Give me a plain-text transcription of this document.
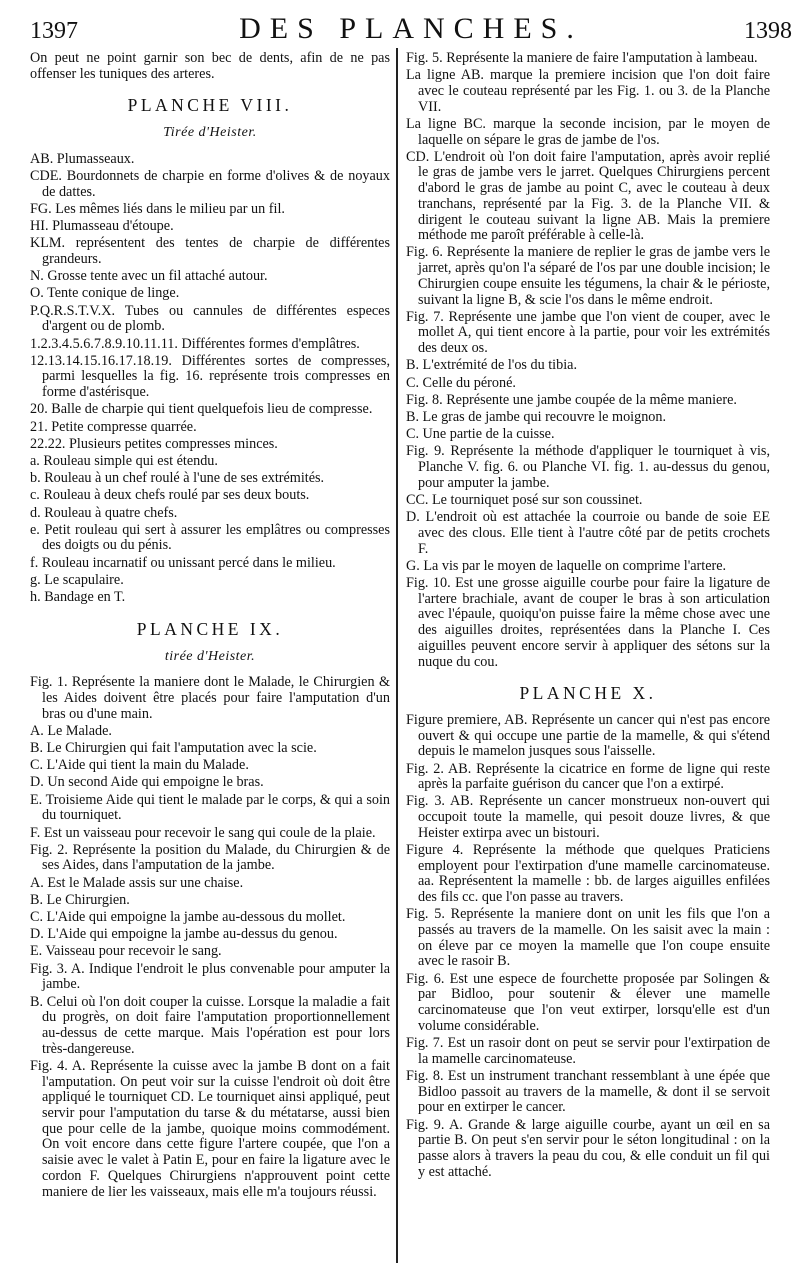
1397	DES PLANCHES.	1398
On peut ne point garnir son bec de dents, afin de ne pas offenser les tuniques des arteres.
PLANCHE VIII.
Tirée d'Heister.
AB. Plumasseaux.
CDE. Bourdonnets de charpie en forme d'olives & de noyaux de dattes.
FG. Les mêmes liés dans le milieu par un fil.
HI. Plumasseau d'étoupe.
KLM. représentent des tentes de charpie de différentes grandeurs.
N. Grosse tente avec un fil attaché autour.
O. Tente conique de linge.
P.Q.R.S.T.V.X. Tubes ou cannules de différentes especes d'argent ou de plomb.
1.2.3.4.5.6.7.8.9.10.11.11. Différentes formes d'emplâtres.
12.13.14.15.16.17.18.19. Différentes sortes de compresses, parmi lesquelles la fig. 16. représente trois compresses en forme d'astérisque.
20. Balle de charpie qui tient quelquefois lieu de compresse.
21. Petite compresse quarrée.
22.22. Plusieurs petites compresses minces.
a. Rouleau simple qui est étendu.
b. Rouleau à un chef roulé à l'une de ses extrémités.
c. Rouleau à deux chefs roulé par ses deux bouts.
d. Rouleau à quatre chefs.
e. Petit rouleau qui sert à assurer les emplâtres ou compresses des doigts ou du pénis.
f. Rouleau incarnatif ou unissant percé dans le milieu.
g. Le scapulaire.
h. Bandage en T.
PLANCHE IX.
tirée d'Heister.
Fig. 1. Représente la maniere dont le Malade, le Chirurgien & les Aides doivent être placés pour faire l'amputation d'un bras ou d'une main.
A. Le Malade.
B. Le Chirurgien qui fait l'amputation avec la scie.
C. L'Aide qui tient la main du Malade.
D. Un second Aide qui empoigne le bras.
E. Troisieme Aide qui tient le malade par le corps, & qui a soin du tourniquet.
F. Est un vaisseau pour recevoir le sang qui coule de la plaie.
Fig. 2. Représente la position du Malade, du Chirurgien & de ses Aides, dans l'amputation de la jambe.
A. Est le Malade assis sur une chaise.
B. Le Chirurgien.
C. L'Aide qui empoigne la jambe au-dessous du mollet.
D. L'Aide qui empoigne la jambe au-dessus du genou.
E. Vaisseau pour recevoir le sang.
Fig. 3. A. Indique l'endroit le plus convenable pour amputer la jambe.
B. Celui où l'on doit couper la cuisse. Lorsque la maladie a fait du progrès, on doit faire l'amputation proportionnellement au-dessus de cette marque. Mais l'opération est pour lors très-dangereuse.
Fig. 4. A. Représente la cuisse avec la jambe B dont on a fait l'amputation. On peut voir sur la cuisse l'endroit où doit être appliqué le tourniquet CD. Le tourniquet ainsi appliqué, peut servir pour l'amputation du tarse & du métatarse, aussi bien que pour celle de la jambe, quoique moins commodément. On voit encore dans cette figure l'artere coupée, que l'on a saisie avec le valet à Patin E, pour en faire la ligature avec le cordon F. Quelques Chirurgiens n'approuvent point cette maniere de lier les vaisseaux, mais elle m'a toujours réussi.
Fig. 5. Représente la maniere de faire l'amputation à lambeau.
La ligne AB. marque la premiere incision que l'on doit faire avec le couteau représenté par les Fig. 1. ou 3. de la Planche VII.
La ligne BC. marque la seconde incision, par le moyen de laquelle on sépare le gras de jambe de l'os.
CD. L'endroit où l'on doit faire l'amputation, après avoir replié le gras de jambe vers le jarret. Quelques Chirurgiens percent d'abord le gras de jambe au point C, avec le couteau à deux tranchans, représenté par la Fig. 3. de la Planche VII. & dirigent le couteau suivant la ligne AB. Mais la premiere méthode me paroît préférable à celle-là.
Fig. 6. Représente la maniere de replier le gras de jambe vers le jarret, après qu'on l'a séparé de l'os par une double incision; le Chirurgien coupe ensuite les tégumens, la chair & le périoste, suivant la ligne B, & scie l'os dans le même endroit.
Fig. 7. Représente une jambe que l'on vient de couper, avec le mollet A, qui tient encore à la partie, pour voir les extrémités des deux os.
B. L'extrémité de l'os du tibia.
C. Celle du péroné.
Fig. 8. Représente une jambe coupée de la même maniere.
B. Le gras de jambe qui recouvre le moignon.
C. Une partie de la cuisse.
Fig. 9. Représente la méthode d'appliquer le tourniquet à vis, Planche V. fig. 6. ou Planche VI. fig. 1. au-dessus du genou, pour amputer la jambe.
CC. Le tourniquet posé sur son coussinet.
D. L'endroit où est attachée la courroie ou bande de soie EE avec des clous. Elle tient à l'autre côté par de petits crochets F.
G. La vis par le moyen de laquelle on comprime l'artere.
Fig. 10. Est une grosse aiguille courbe pour faire la ligature de l'artere brachiale, avant de couper le bras à son articulation avec l'épaule, quoiqu'on puisse faire la même chose avec une des aiguilles droites, représentées dans la Planche I. Ces aiguilles peuvent encore servir à appliquer des sétons sur la nuque du cou.
PLANCHE X.
Figure premiere, AB. Représente un cancer qui n'est pas encore ouvert & qui occupe une partie de la mamelle, & qui s'étend depuis le mamelon jusques sous l'aisselle.
Fig. 2. AB. Représente la cicatrice en forme de ligne qui reste après la parfaite guérison du cancer que l'on a extirpé.
Fig. 3. AB. Représente un cancer monstrueux non-ouvert qui occupoit toute la mamelle, qui pesoit douze livres, & que Heister extirpa avec un bistouri.
Figure 4. Représente la méthode que quelques Praticiens employent pour l'extirpation d'une mamelle carcinomateuse. aa. Représentent la mamelle : bb. de larges aiguilles enfilées des fils cc. que l'on passe au travers.
Fig. 5. Représente la maniere dont on unit les fils que l'on a passés au travers de la mamelle. On les saisit avec la main : on éleve par ce moyen la mamelle que l'on coupe ensuite avec le rasoir B.
Fig. 6. Est une espece de fourchette proposée par Solingen & par Bidloo, pour soutenir & élever une mamelle carcinomateuse que l'on veut extirper, lorsqu'elle est d'un volume considérable.
Fig. 7. Est un rasoir dont on peut se servir pour l'extirpation de la mamelle carcinomateuse.
Fig. 8. Est un instrument tranchant ressemblant à une épée que Bidloo passoit au travers de la mamelle, & dont il se servoit pour en extirper le cancer.
Fig. 9. A. Grande & large aiguille courbe, ayant un œil en sa partie B. On peut s'en servir pour le séton longitudinal : on la passe alors à travers la peau du cou, & elle conduit un fil qui y est attaché.
